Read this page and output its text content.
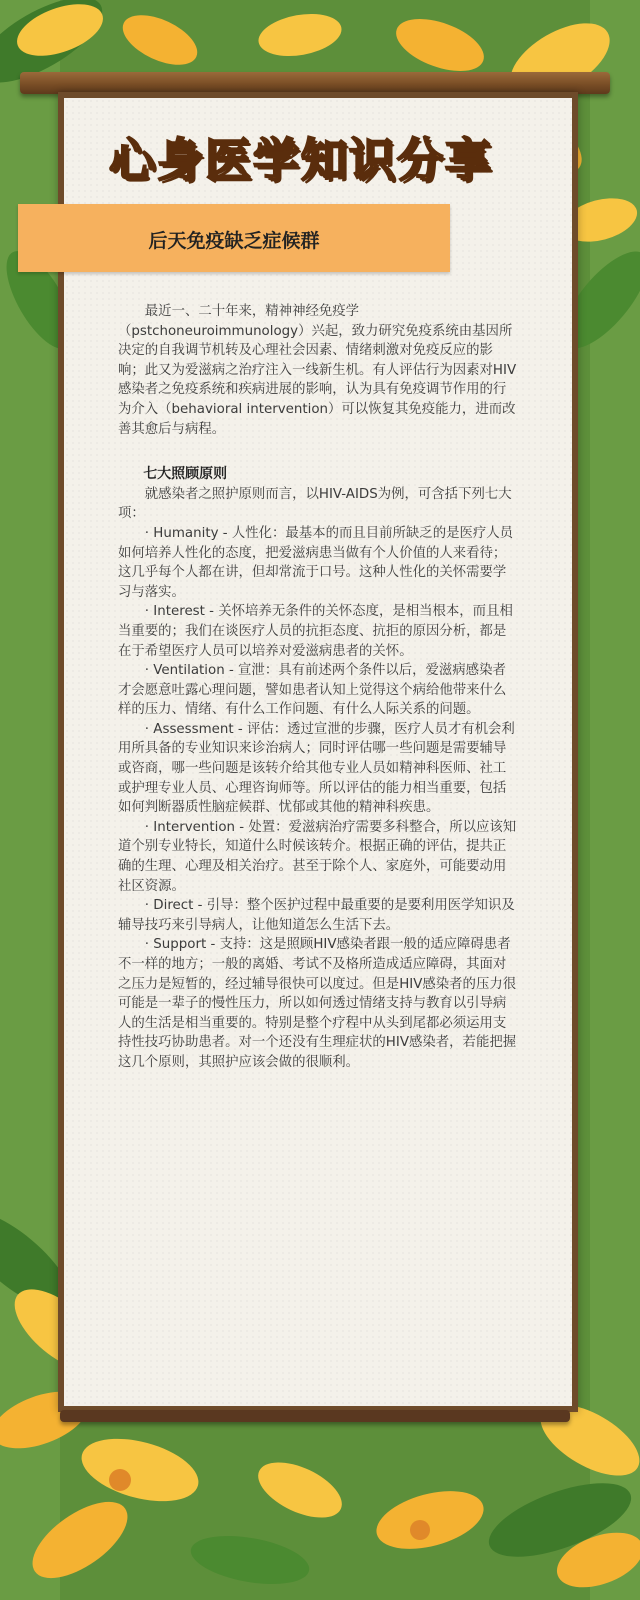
心身医学知识分享
后天免疫缺乏症候群

最近一、二十年来，精神神经免疫学（pstchoneuroimmunology）兴起，致力研究免疫系统由基因所决定的自我调节机转及心理社会因素、情绪刺激对免疫反应的影响；此又为爱滋病之治疗注入一线新生机。有人评估行为因素对HIV感染者之免疫系统和疾病进展的影响，认为具有免疫调节作用的行为介入（behavioral intervention）可以恢复其免疫能力，进而改善其愈后与病程。

七大照顾原则

就感染者之照护原则而言，以HIV-AIDS为例，可含括下列七大项：

· Humanity - 人性化：最基本的而且目前所缺乏的是医疗人员如何培养人性化的态度，把爱滋病患当做有个人价值的人来看待；这几乎每个人都在讲，但却常流于口号。这种人性化的关怀需要学习与落实。

· Interest - 关怀培养无条件的关怀态度，是相当根本，而且相当重要的；我们在谈医疗人员的抗拒态度、抗拒的原因分析，都是在于希望医疗人员可以培养对爱滋病患者的关怀。

· Ventilation - 宣泄：具有前述两个条件以后，爱滋病感染者才会愿意吐露心理问题，譬如患者认知上觉得这个病给他带来什么样的压力、情绪、有什么工作问题、有什么人际关系的问题。

· Assessment - 评估：透过宣泄的步骤，医疗人员才有机会利用所具备的专业知识来诊治病人；同时评估哪一些问题是需要辅导或咨商，哪一些问题是该转介给其他专业人员如精神科医师、社工或护理专业人员、心理咨询师等。所以评估的能力相当重要，包括如何判断器质性脑症候群、忧郁或其他的精神科疾患。

· Intervention - 处置：爱滋病治疗需要多科整合，所以应该知道个别专业特长，知道什么时候该转介。根据正确的评估，提共正确的生理、心理及相关治疗。甚至于除个人、家庭外，可能要动用社区资源。

· Direct - 引导：整个医护过程中最重要的是要利用医学知识及辅导技巧来引导病人，让他知道怎么生活下去。

· Support - 支持：这是照顾HIV感染者跟一般的适应障碍患者不一样的地方；一般的离婚、考试不及格所造成适应障碍，其面对之压力是短暂的，经过辅导很快可以度过。但是HIV感染者的压力很可能是一辈子的慢性压力，所以如何透过情绪支持与教育以引导病人的生活是相当重要的。特别是整个疗程中从头到尾都必须运用支持性技巧协助患者。对一个还没有生理症状的HIV感染者，若能把握这几个原则，其照护应该会做的很顺利。
